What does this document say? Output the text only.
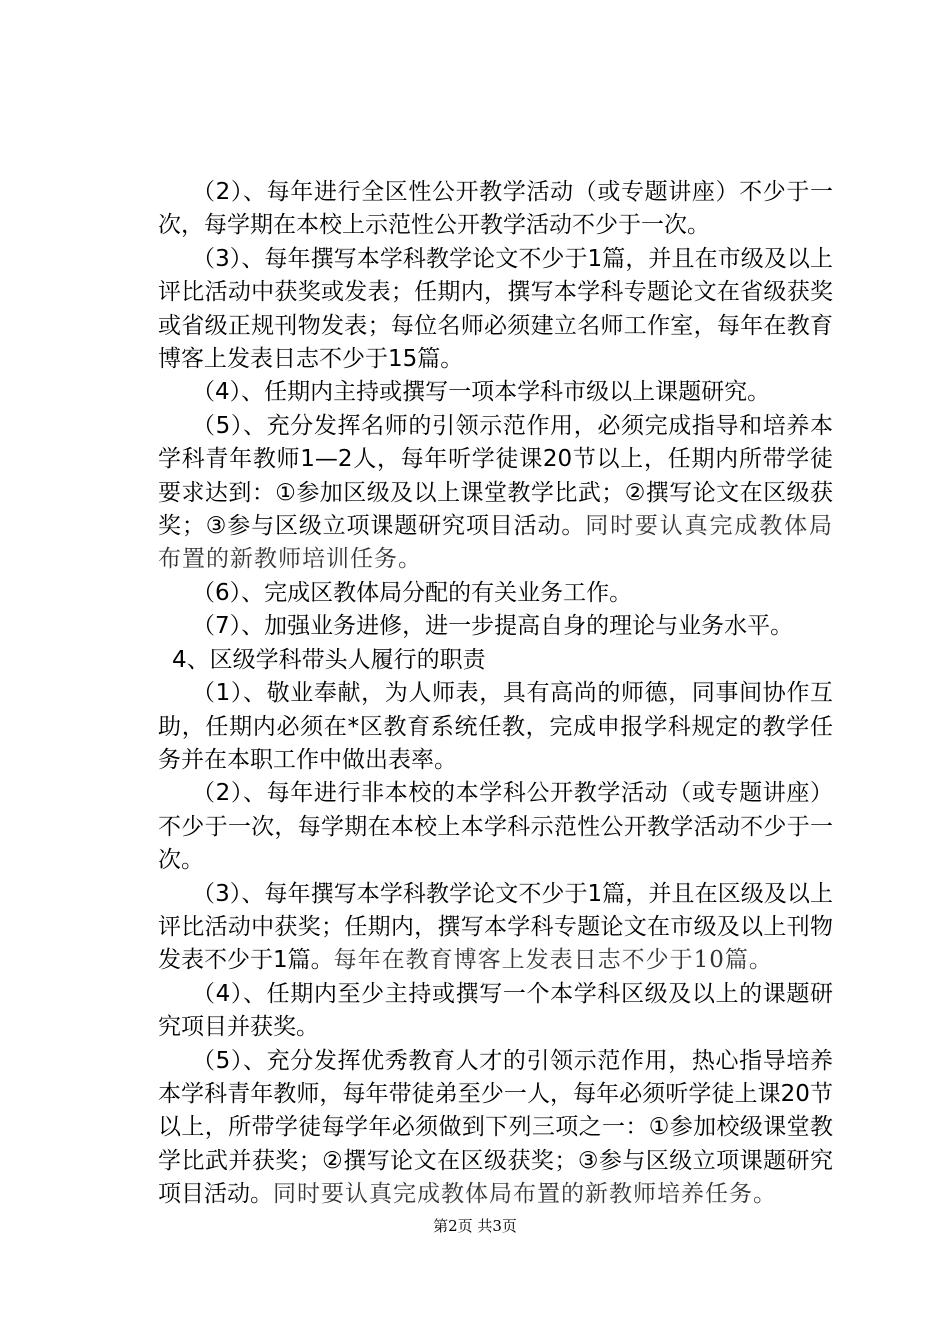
（2）、每年进行全区性公开教学活动（或专题讲座）不少于一次，每学期在本校上示范性公开教学活动不少于一次。

（3）、每年撰写本学科教学论文不少于1篇，并且在市级及以上评比活动中获奖或发表；任期内，撰写本学科专题论文在省级获奖或省级正规刊物发表；每位名师必须建立名师工作室，每年在教育博客上发表日志不少于15篇。

（4）、任期内主持或撰写一项本学科市级以上课题研究。

（5）、充分发挥名师的引领示范作用，必须完成指导和培养本学科青年教师1—2人，每年听学徒课20节以上，任期内所带学徒要求达到：①参加区级及以上课堂教学比武；②撰写论文在区级获奖；③参与区级立项课题研究项目活动。同时要认真完成教体局布置的新教师培训任务。

（6）、完成区教体局分配的有关业务工作。

（7）、加强业务进修，进一步提高自身的理论与业务水平。

4、区级学科带头人履行的职责

（1）、敬业奉献，为人师表，具有高尚的师德，同事间协作互助，任期内必须在*区教育系统任教，完成申报学科规定的教学任务并在本职工作中做出表率。

（2）、每年进行非本校的本学科公开教学活动（或专题讲座）不少于一次，每学期在本校上本学科示范性公开教学活动不少于一次。

（3）、每年撰写本学科教学论文不少于1篇，并且在区级及以上评比活动中获奖；任期内，撰写本学科专题论文在市级及以上刊物发表不少于1篇。每年在教育博客上发表日志不少于10篇。

（4）、任期内至少主持或撰写一个本学科区级及以上的课题研究项目并获奖。

（5）、充分发挥优秀教育人才的引领示范作用，热心指导培养本学科青年教师，每年带徒弟至少一人，每年必须听学徒上课20节以上，所带学徒每学年必须做到下列三项之一：①参加校级课堂教学比武并获奖；②撰写论文在区级获奖；③参与区级立项课题研究项目活动。同时要认真完成教体局布置的新教师培养任务。

第2页 共3页
